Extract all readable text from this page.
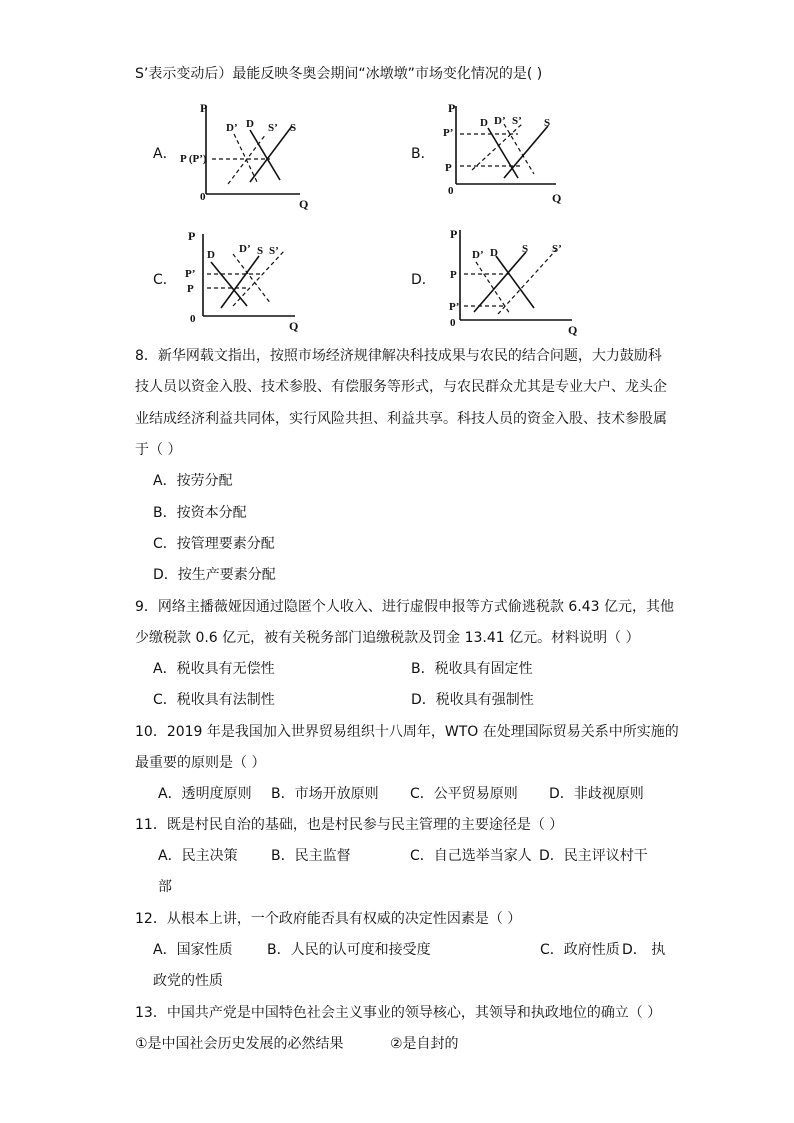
S’表示变动后）最能反映冬奥会期间“冰墩墩”市场变化情况的是( )
A．
P
Q
0
P (P’)
D’ D S’ S
B．
P
Q
0
P’
P
D D’ S’ S
C．
P
Q
0
P’
P
D D’ S S’
D．
P
Q
0
P
P’
D’ D S S’
8．新华网载文指出，按照市场经济规律解决科技成果与农民的结合问题，大力鼓励科
技人员以资金入股、技术参股、有偿服务等形式，与农民群众尤其是专业大户、龙头企
业结成经济利益共同体，实行风险共担、利益共享。科技人员的资金入股、技术参股属
于（ ）
A．按劳分配
B．按资本分配
C．按管理要素分配
D．按生产要素分配
9．网络主播薇娅因通过隐匿个人收入、进行虚假申报等方式偷逃税款 6.43 亿元，其他
少缴税款 0.6 亿元，被有关税务部门追缴税款及罚金 13.41 亿元。材料说明（ ）
A．税收具有无偿性	B．税收具有固定性
C．税收具有法制性	D．税收具有强制性
10．2019 年是我国加入世界贸易组织十八周年，WTO 在处理国际贸易关系中所实施的
最重要的原则是（ ）
A．透明度原则 B．市场开放原则 C．公平贸易原则 D．非歧视原则
11．既是村民自治的基础，也是村民参与民主管理的主要途径是（ ）
A．民主决策 B．民主监督	C．自己选举当家人 D．民主评议村干
部
12．从根本上讲，一个政府能否具有权威的决定性因素是（ ）
A．国家性质 B．人民的认可度和接受度	C．政府性质 D． 执
政党的性质
13．中国共产党是中国特色社会主义事业的领导核心，其领导和执政地位的确立（ ）
①是中国社会历史发展的必然结果	②是自封的
